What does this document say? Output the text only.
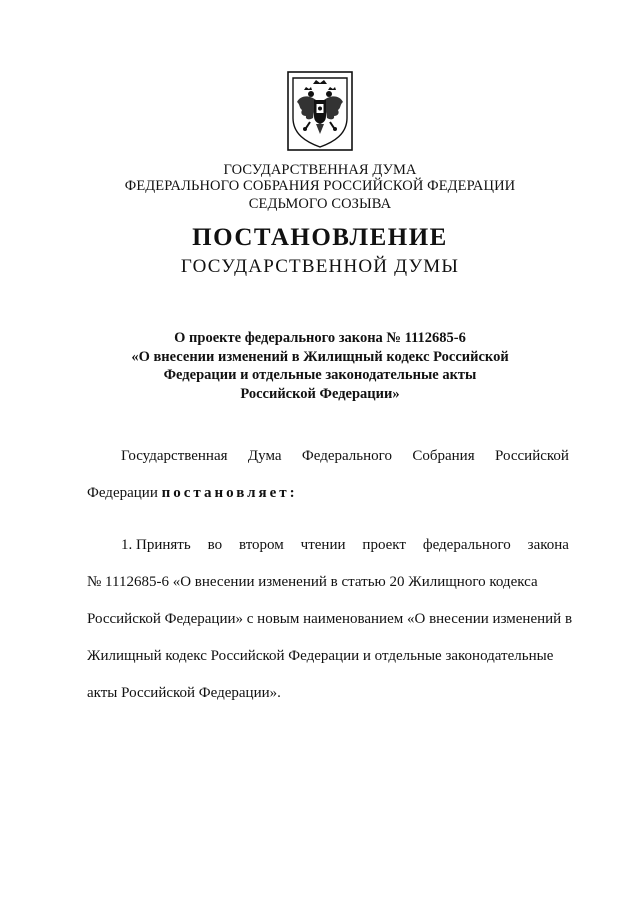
ГОСУДАРСТВЕННАЯ ДУМА
ФЕДЕРАЛЬНОГО СОБРАНИЯ РОССИЙСКОЙ ФЕДЕРАЦИИ
СЕДЬМОГО СОЗЫВА
ПОСТАНОВЛЕНИЕ
ГОСУДАРСТВЕННОЙ ДУМЫ
О проекте федерального закона № 1112685-6
«О внесении изменений в Жилищный кодекс Российской
Федерации и отдельные законодательные акты
Российской Федерации»
Государственная Дума Федерального Собрания Российской
Федерации постановляет:
1. Принять во втором чтении проект федерального закона
№ 1112685-6 «О внесении изменений в статью 20 Жилищного кодекса
Российской Федерации» с новым наименованием «О внесении изменений в
Жилищный кодекс Российской Федерации и отдельные законодательные
акты Российской Федерации».
